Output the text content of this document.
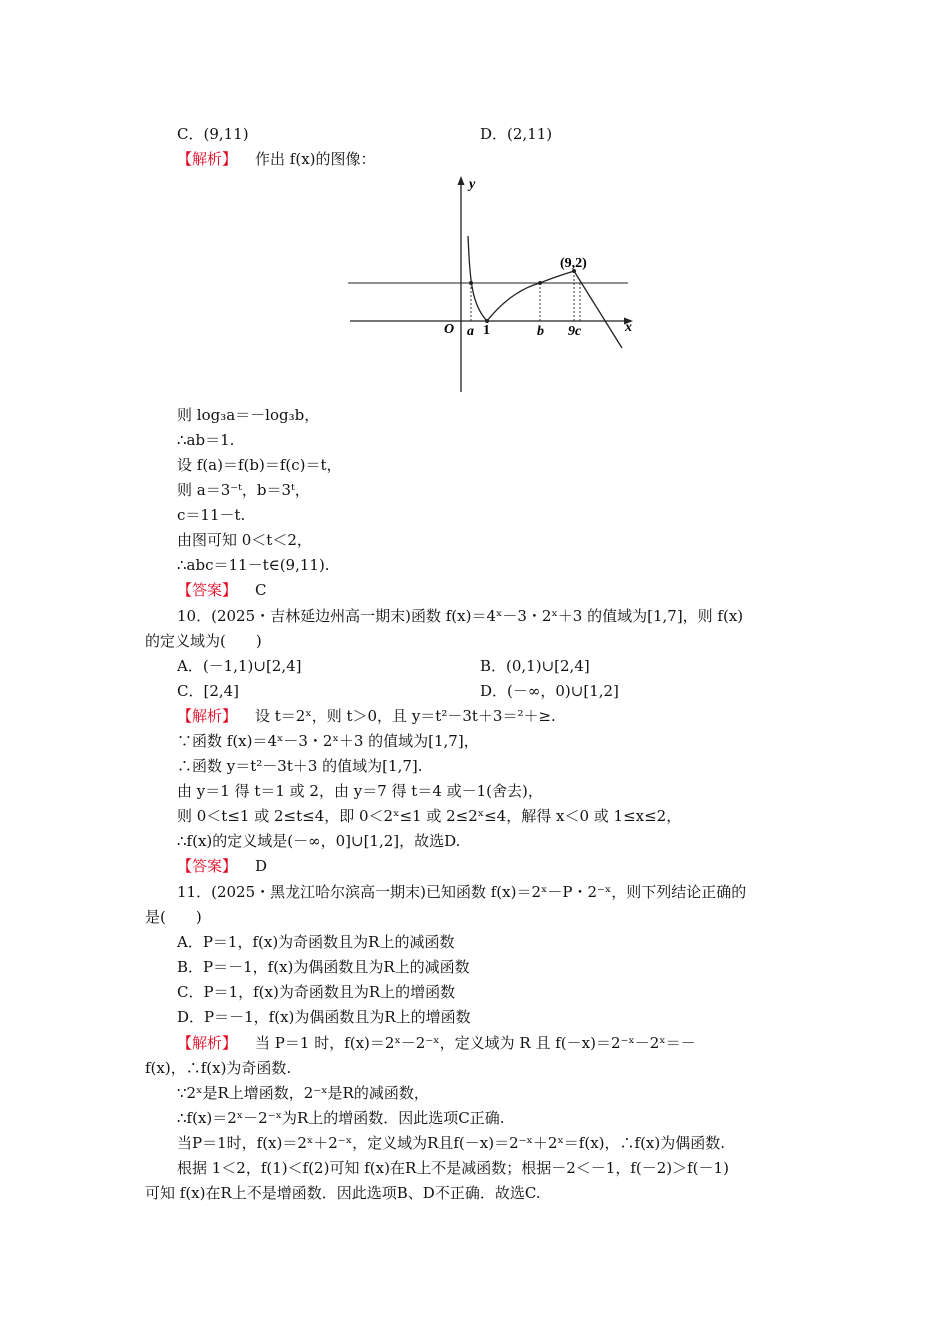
C．(9,11)	D．(2,11)
【解析】 作出 f(x)的图像：
y
x
(9,2)
O a 1	b 9c
则 log₃a＝－log₃b，
∴ab＝1.
设 f(a)＝f(b)＝f(c)＝t，
则 a＝3⁻ᵗ，b＝3ᵗ，
c＝11－t.
由图可知 0＜t＜2，
∴abc＝11－t∈(9,11).
【答案】 C
10．(2025・吉林延边州高一期末)函数 f(x)＝4ˣ－3・2ˣ＋3 的值域为[1,7]，则 f(x)
的定义域为(　　)
A．(－1,1)∪[2,4]	B．(0,1)∪[2,4]
C．[2,4]	D．(－∞，0)∪[1,2]
【解析】 设 t＝2ˣ，则 t＞0，且 y＝t²－3t＋3＝²＋≥.
∵函数 f(x)＝4ˣ－3・2ˣ＋3 的值域为[1,7]，
∴函数 y＝t²－3t＋3 的值域为[1,7].
由 y＝1 得 t＝1 或 2，由 y＝7 得 t＝4 或－1(舍去)，
则 0＜t≤1 或 2≤t≤4，即 0＜2ˣ≤1 或 2≤2ˣ≤4，解得 x＜0 或 1≤x≤2，
∴f(x)的定义域是(－∞，0]∪[1,2]，故选D.
【答案】 D
11．(2025・黑龙江哈尔滨高一期末)已知函数 f(x)＝2ˣ－P・2⁻ˣ，则下列结论正确的
是(　　)
A．P＝1，f(x)为奇函数且为R上的减函数
B．P＝－1，f(x)为偶函数且为R上的减函数
C．P＝1，f(x)为奇函数且为R上的增函数
D．P＝－1，f(x)为偶函数且为R上的增函数
【解析】 当 P＝1 时，f(x)＝2ˣ－2⁻ˣ，定义域为 R 且 f(－x)＝2⁻ˣ－2ˣ＝－
f(x)，∴f(x)为奇函数.
∵2ˣ是R上增函数，2⁻ˣ是R的减函数，
∴f(x)＝2ˣ－2⁻ˣ为R上的增函数．因此选项C正确.
当P＝1时，f(x)＝2ˣ＋2⁻ˣ，定义域为R且f(－x)＝2⁻ˣ＋2ˣ＝f(x)，∴f(x)为偶函数.
根据 1＜2，f(1)＜f(2)可知 f(x)在R上不是减函数；根据－2＜－1，f(－2)＞f(－1)
可知 f(x)在R上不是增函数．因此选项B、D不正确．故选C.
